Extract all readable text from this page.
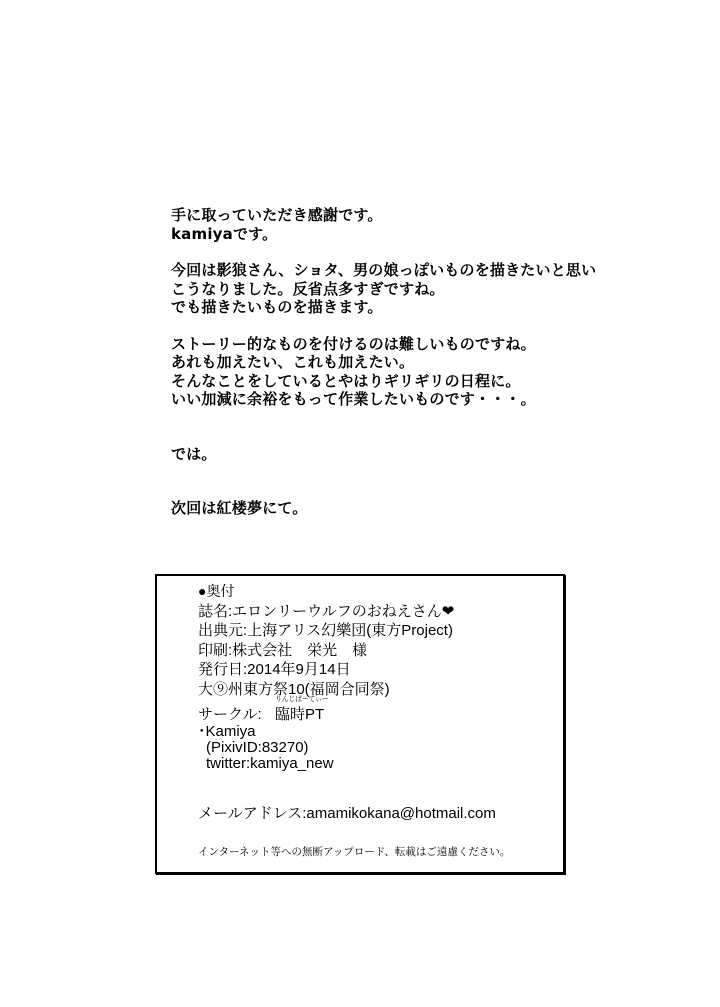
手に取っていただき感謝です。
kamiyaです。
今回は影狼さん、ショタ、男の娘っぽいものを描きたいと思い
こうなりました。反省点多すぎですね。
でも描きたいものを描きます。
ストーリー的なものを付けるのは難しいものですね。
あれも加えたい、これも加えたい。
そんなことをしているとやはりギリギリの日程に。
いい加減に余裕をもって作業したいものです・・・。
では。
次回は紅楼夢にて。
●奥付
誌名:エロンリーウルフのおねえさん❤
出典元:上海アリス幻樂団(東方Project)
印刷:株式会社　栄光　様
発行日:2014年9月14日
大⑨州東方祭10(福岡合同祭)
サークル:
りんじぱーてぃー
臨時PT
･Kamiya
(PixivID:83270)
twitter:kamiya_new
メールアドレス:amamikokana@hotmail.com
インターネット等への無断アップロード、転載はご遠慮ください。
